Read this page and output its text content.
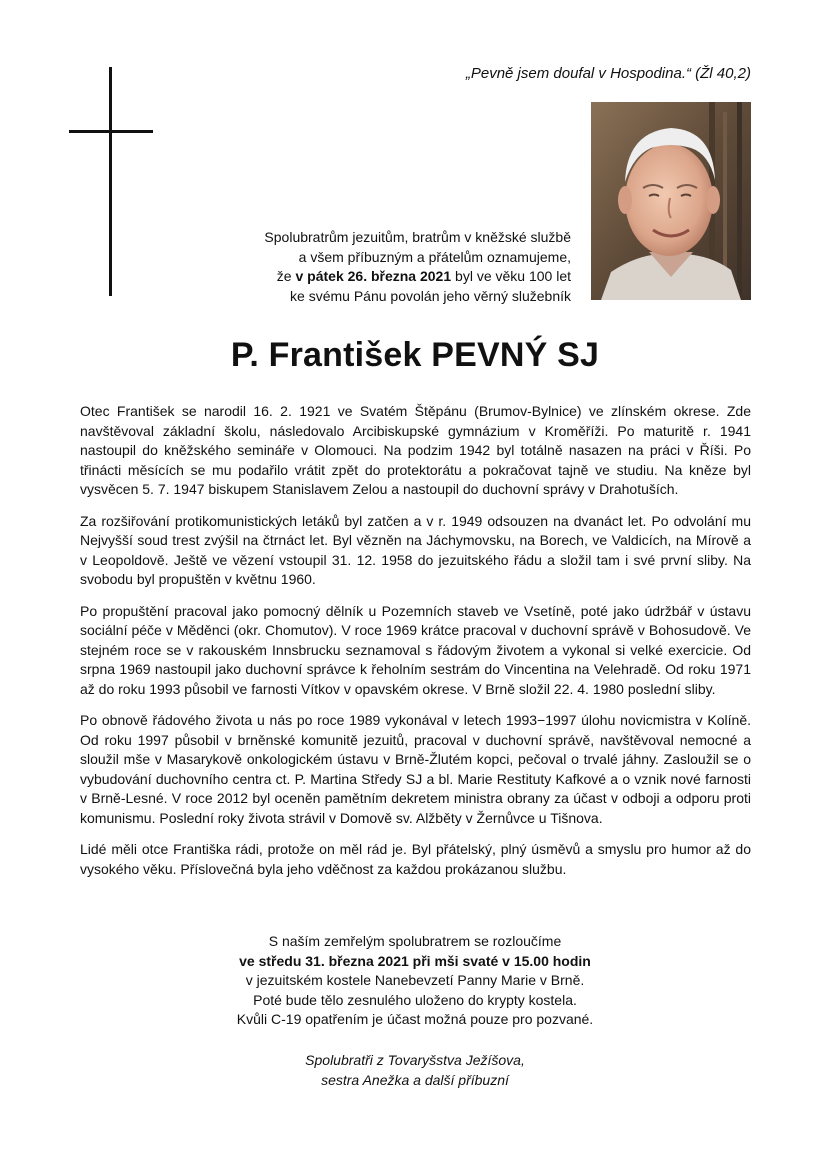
„Pevně jsem doufal v Hospodina.“ (Žl 40,2)

Spolubratrům jezuitům, bratrům v kněžské službě

a všem příbuzným a přátelům oznamujeme,

že v pátek 26. března 2021 byl ve věku 100 let

ke svému Pánu povolán jeho věrný služebník

P. František PEVNÝ SJ

Otec František se narodil 16. 2. 1921 ve Svatém Štěpánu (Brumov-Bylnice) ve zlínském okrese. Zde navštěvoval základní školu, následovalo Arcibiskupské gymnázium v Kroměříži. Po maturitě r. 1941 nastoupil do kněžského semináře v Olomouci. Na podzim 1942 byl totálně nasazen na práci v Říši. Po třinácti měsících se mu podařilo vrátit zpět do protektorátu a pokračovat tajně ve studiu. Na kněze byl vysvěcen 5. 7. 1947 biskupem Stanislavem Zelou a nastoupil do duchovní správy v Drahotuších.

Za rozšiřování protikomunistických letáků byl zatčen a v r. 1949 odsouzen na dvanáct let. Po odvolání mu Nejvyšší soud trest zvýšil na čtrnáct let. Byl vězněn na Jáchymovsku, na Borech, ve Valdicích, na Mírově a v Leopoldově. Ještě ve vězení vstoupil 31. 12. 1958 do jezuitského řádu a složil tam i své první sliby. Na svobodu byl propuštěn v květnu 1960.

Po propuštění pracoval jako pomocný dělník u Pozemních staveb ve Vsetíně, poté jako údržbář v ústavu sociální péče v Měděnci (okr. Chomutov). V roce 1969 krátce pracoval v duchovní správě v Bohosudově. Ve stejném roce se v rakouském Innsbrucku seznamoval s řádovým životem a vykonal si velké exercicie. Od srpna 1969 nastoupil jako duchovní správce k řeholním sestrám do Vincentina na Velehradě. Od roku 1971 až do roku 1993 působil ve farnosti Vítkov v opavském okrese. V Brně složil 22. 4. 1980 poslední sliby.

Po obnově řádového života u nás po roce 1989 vykonával v letech 1993−1997 úlohu novicmistra v Kolíně. Od roku 1997 působil v brněnské komunitě jezuitů, pracoval v duchovní správě, navštěvoval nemocné a sloužil mše v Masarykově onkologickém ústavu v Brně-Žlutém kopci, pečoval o trvalé jáhny. Zasloužil se o vybudování duchovního centra ct. P. Martina Středy SJ a bl. Marie Restituty Kafkové a o vznik nové farnosti v Brně-Lesné. V roce 2012 byl oceněn pamětním dekretem ministra obrany za účast v odboji a odporu proti komunismu. Poslední roky života strávil v Domově sv. Alžběty v Žernůvce u Tišnova.

Lidé měli otce Františka rádi, protože on měl rád je. Byl přátelský, plný úsměvů a smyslu pro humor až do vysokého věku. Příslovečná byla jeho vděčnost za každou prokázanou službu.

S naším zemřelým spolubratrem se rozloučíme

ve středu 31. března 2021 při mši svaté v 15.00 hodin

v jezuitském kostele Nanebevzetí Panny Marie v Brně.

Poté bude tělo zesnulého uloženo do krypty kostela.

Kvůli C-19 opatřením je účast možná pouze pro pozvané.

Spolubratři z Tovaryšstva Ježíšova,

sestra Anežka a další příbuzní
